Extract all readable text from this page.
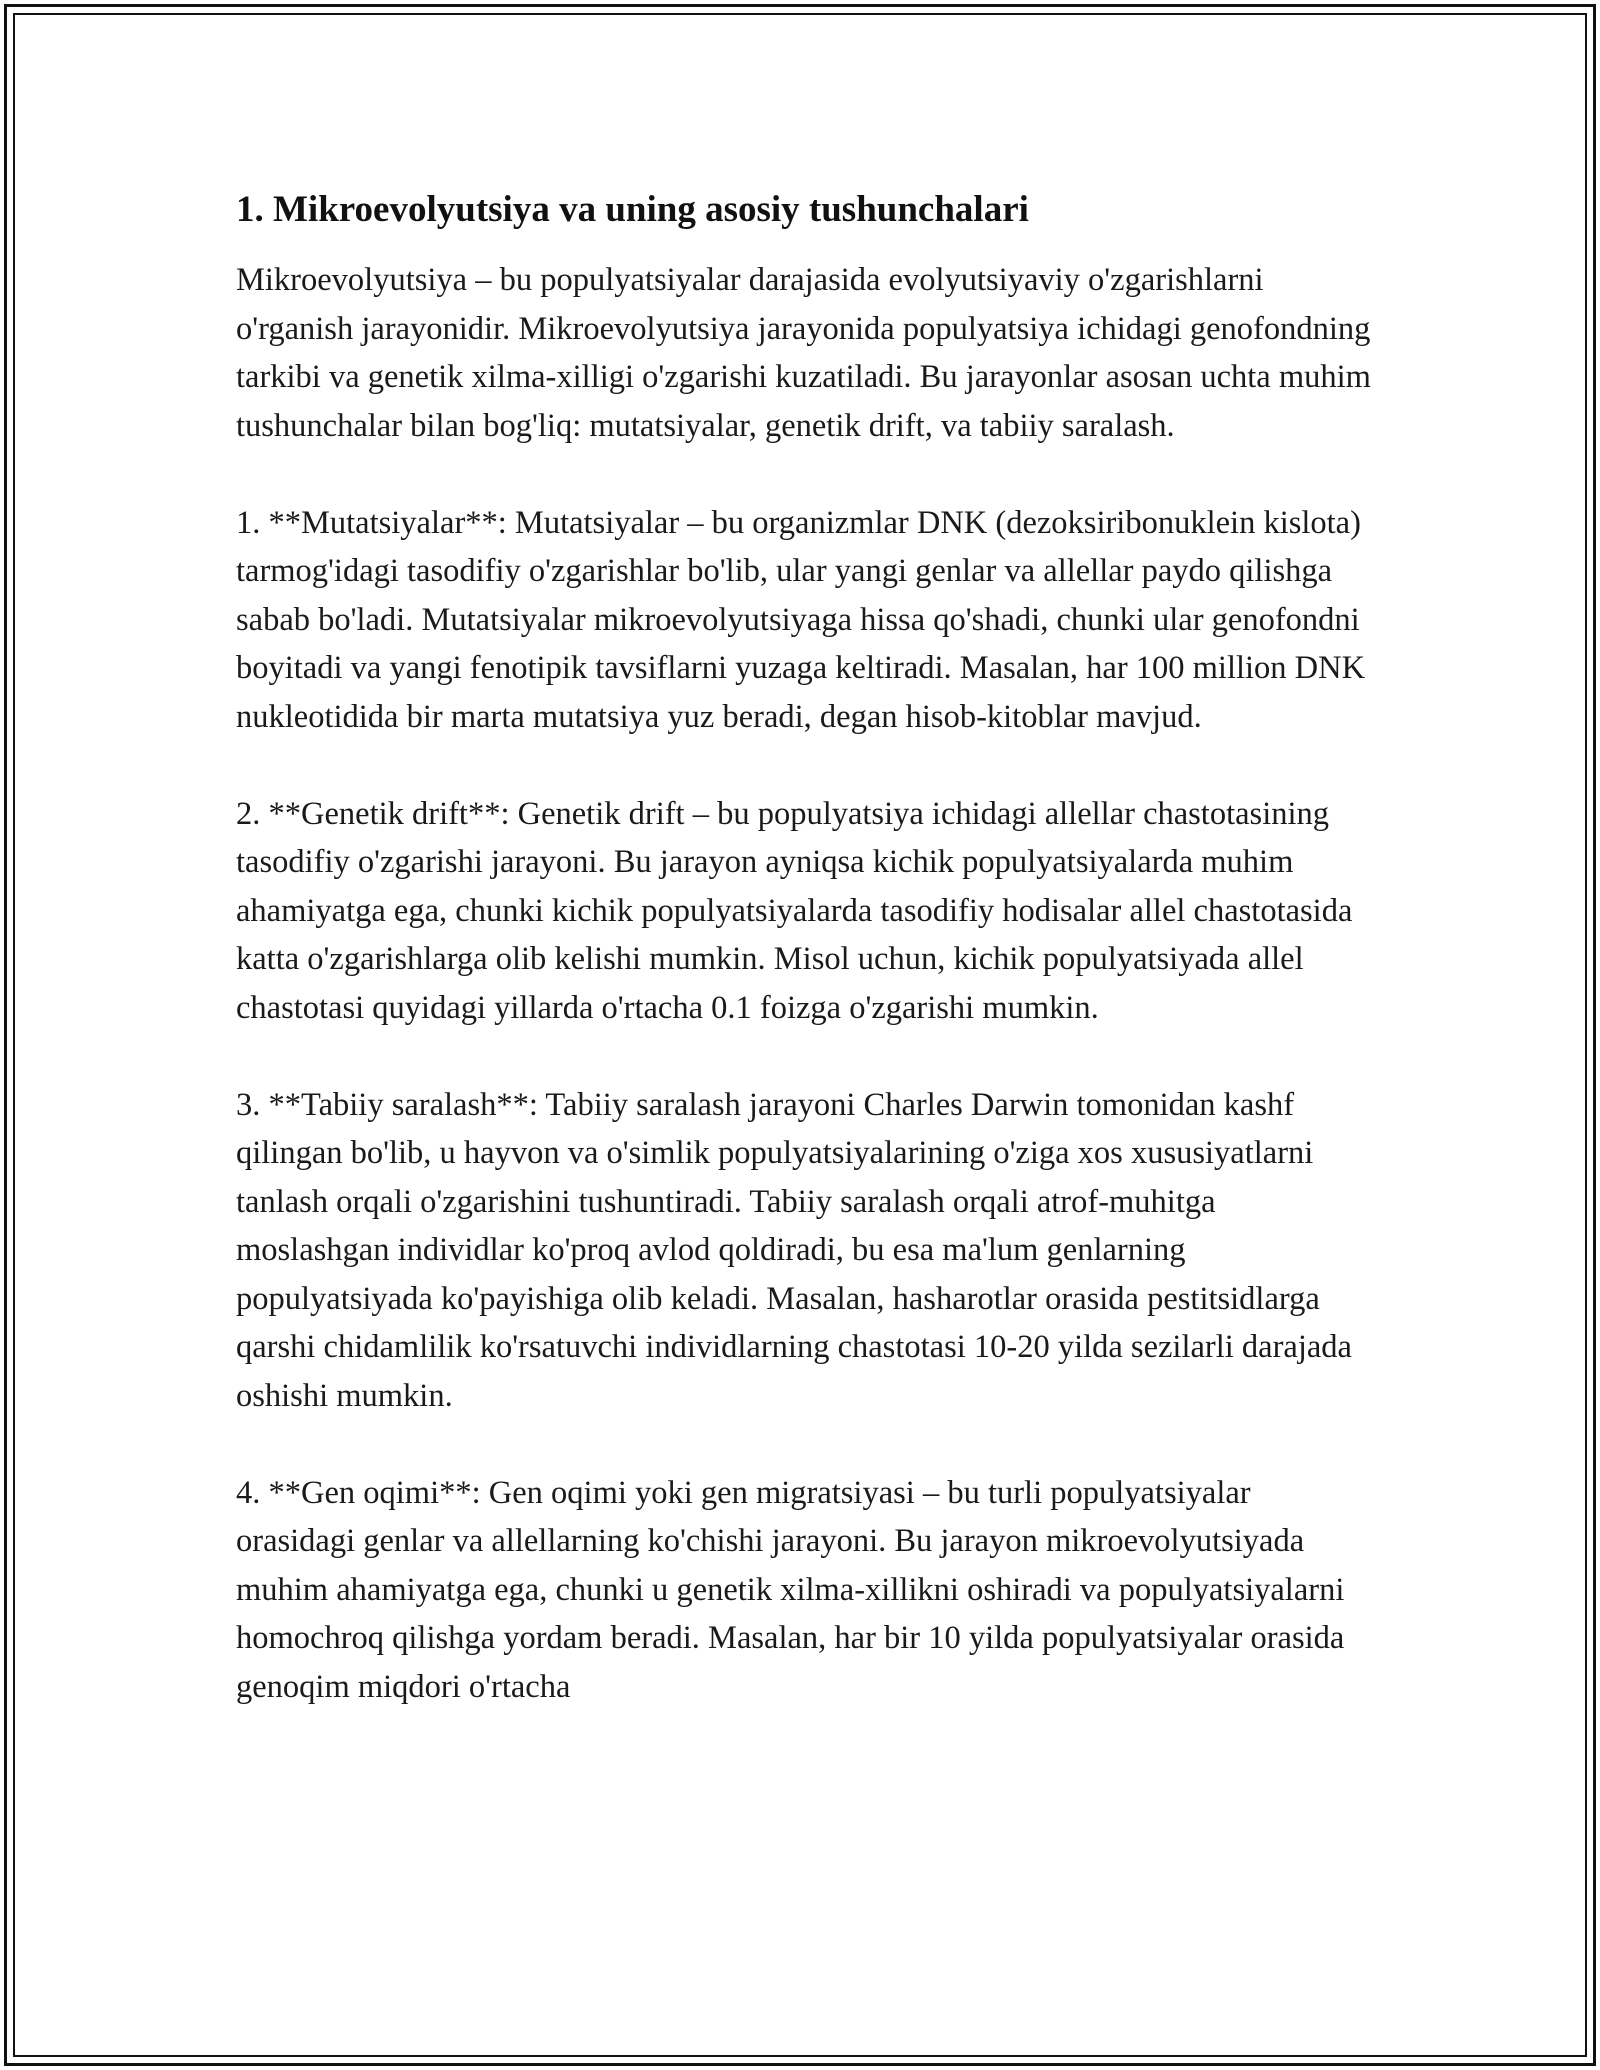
1. Mikroevolyutsiya va uning asosiy tushunchalari

Mikroevolyutsiya – bu populyatsiyalar darajasida evolyutsiyaviy o'zgarishlarni o'rganish jarayonidir. Mikroevolyutsiya jarayonida populyatsiya ichidagi genofondning tarkibi va genetik xilma-xilligi o'zgarishi kuzatiladi. Bu jarayonlar asosan uchta muhim tushunchalar bilan bog'liq: mutatsiyalar, genetik drift, va tabiiy saralash.

1. **Mutatsiyalar**: Mutatsiyalar – bu organizmlar DNK (dezoksiribonuklein kislota) tarmog'idagi tasodifiy o'zgarishlar bo'lib, ular yangi genlar va allellar paydo qilishga sabab bo'ladi. Mutatsiyalar mikroevolyutsiyaga hissa qo'shadi, chunki ular genofondni boyitadi va yangi fenotipik tavsiflarni yuzaga keltiradi. Masalan, har 100 million DNK nukleotidida bir marta mutatsiya yuz beradi, degan hisob-kitoblar mavjud.

2. **Genetik drift**: Genetik drift – bu populyatsiya ichidagi allellar chastotasining tasodifiy o'zgarishi jarayoni. Bu jarayon ayniqsa kichik populyatsiyalarda muhim ahamiyatga ega, chunki kichik populyatsiyalarda tasodifiy hodisalar allel chastotasida katta o'zgarishlarga olib kelishi mumkin. Misol uchun, kichik populyatsiyada allel chastotasi quyidagi yillarda o'rtacha 0.1 foizga o'zgarishi mumkin.

3. **Tabiiy saralash**: Tabiiy saralash jarayoni Charles Darwin tomonidan kashf qilingan bo'lib, u hayvon va o'simlik populyatsiyalarining o'ziga xos xususiyatlarni tanlash orqali o'zgarishini tushuntiradi. Tabiiy saralash orqali atrof-muhitga moslashgan individlar ko'proq avlod qoldiradi, bu esa ma'lum genlarning populyatsiyada ko'payishiga olib keladi. Masalan, hasharotlar orasida pestitsidlarga qarshi chidamlilik ko'rsatuvchi individlarning chastotasi 10-20 yilda sezilarli darajada oshishi mumkin.

4. **Gen oqimi**: Gen oqimi yoki gen migratsiyasi – bu turli populyatsiyalar orasidagi genlar va allellarning ko'chishi jarayoni. Bu jarayon mikroevolyutsiyada muhim ahamiyatga ega, chunki u genetik xilma-xillikni oshiradi va populyatsiyalarni homochroq qilishga yordam beradi. Masalan, har bir 10 yilda populyatsiyalar orasida genoqim miqdori o'rtacha
